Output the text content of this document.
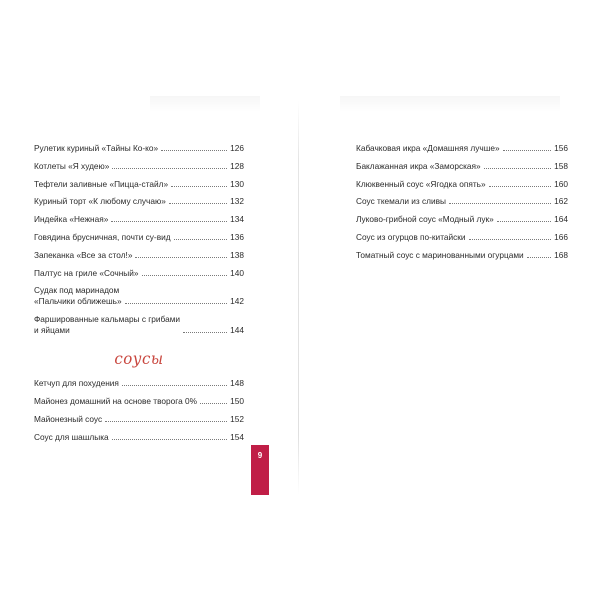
Рулетик куриный «Тайны Ко-ко»	126
Котлеты «Я худею»	128
Тефтели заливные «Пицца-стайл»	130
Куриный торт «К любому случаю»	132
Индейка «Нежная»	134
Говядина брусничная, почти су-вид	136
Запеканка «Все за стол!»	138
Палтус на гриле «Сочный»	140
Судак под маринадом
«Пальчики оближешь»	142
Фаршированные кальмары с грибами
и яйцами	144
соусы
Кетчуп для похудения	148
Майонез домашний на основе творога 0%	150
Майонезный соус	152
Соус для шашлыка	154
Кабачковая икра «Домашняя лучше»	156
Баклажанная икра «Заморская»	158
Клюквенный соус «Ягодка опять»	160
Соус ткемали из сливы	162
Луково-грибной соус «Модный лук»	164
Соус из огурцов по-китайски	166
Томатный соус с маринованными огурцами	168
9
